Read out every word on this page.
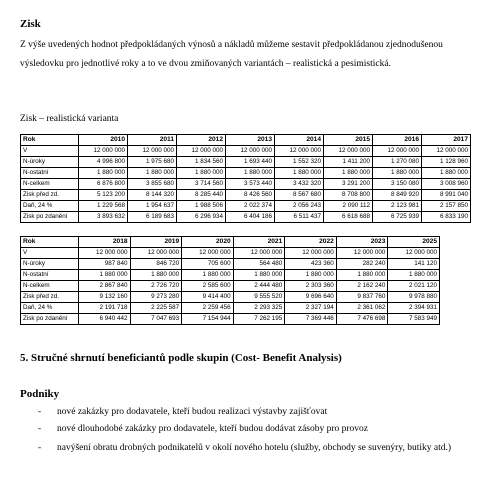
Zisk
Z výše uvedených hodnot předpokládaných výnosů a nákladů můžeme sestavit předpokládanou zjednodušenou výsledovku pro jednotlivé roky a to ve dvou zmiňovaných variantách – realistická a pesimistická.
Zisk – realistická varianta
Rok	2010	2011	2012	2013	2014	2015	2016	2017
V	12 000 000	12 000 000	12 000 000	12 000 000	12 000 000	12 000 000	12 000 000	12 000 000
N-úroky	4 996 800	1 975 680	1 834 560	1 693 440	1 552 320	1 411 200	1 270 080	1 128 960
N-ostatní	1 880 000	1 880 000	1 880 000	1 880 000	1 880 000	1 880 000	1 880 000	1 880 000
N-celkem	6 876 800	3 855 680	3 714 560	3 573 440	3 432 320	3 291 200	3 150 080	3 008 960
Zisk před zd.	5 123 200	8 144 320	8 285 440	8 426 560	8 567 680	8 708 800	8 849 920	8 991 040
Daň, 24 %	1 229 568	1 954 637	1 988 506	2 022 374	2 056 243	2 090 112	2 123 981	2 157 850
Zisk po zdanění	3 893 632	6 189 683	6 296 934	6 404 186	6 511 437	6 618 688	6 725 939	6 833 190
Rok	2018	2019	2020	2021	2022	2023	2025
V	12 000 000	12 000 000	12 000 000	12 000 000	12 000 000	12 000 000	12 000 000
N-úroky	987 840	846 720	705 600	564 480	423 360	282 240	141 120
N-ostatní	1 880 000	1 880 000	1 880 000	1 880 000	1 880 000	1 880 000	1 880 000
N-celkem	2 867 840	2 726 720	2 585 600	2 444 480	2 303 360	2 162 240	2 021 120
Zisk před zd.	9 132 160	9 273 280	9 414 400	9 555 520	9 696 640	9 837 760	9 978 880
Daň, 24 %	2 191 718	2 225 587	2 259 456	2 293 325	2 327 194	2 361 062	2 394 931
Zisk po zdanění	6 940 442	7 047 693	7 154 944	7 262 195	7 369 446	7 476 698	7 583 949
5. Stručné shrnutí beneficiantů podle skupin (Cost- Benefit Analysis)
Podniky
- nové zakázky pro dodavatele, kteří budou realizaci výstavby zajišťovat
- nové dlouhodobé zakázky pro dodavatele, kteří budou dodávat zásoby pro provoz
- navýšení obratu drobných podnikatelů v okolí nového hotelu (služby, obchody se suvenýry, butiky atd.)
